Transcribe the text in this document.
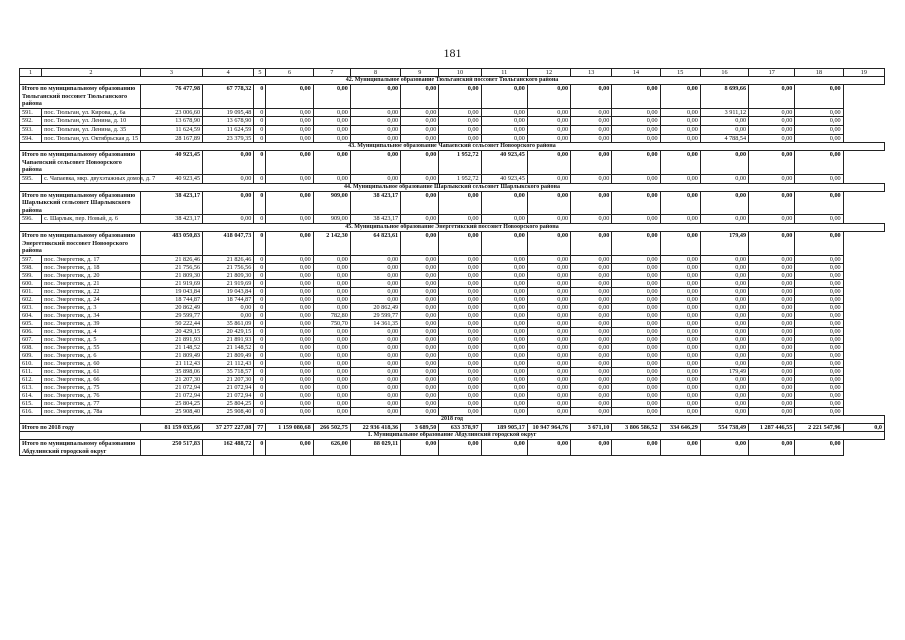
181
1	2	3	4	5	6	7	8	9	10	11	12	13	14	15	16	17	18	19
42. Муниципальное образование Тюльганский поссовет Тюльганского района																		
Итого по муниципальному образованию Тюльганский поссовет Тюльганского района		76 477,98	67 778,32	0	0,00	0,00	0,00	0,00	0,00	0,00	0,00	0,00	0,00	0,00	8 699,66	0,00	0,00	
591.	пос. Тюльган, ул. Кирова, д. 6а	23 006,60	19 095,48	0	0,00	0,00	0,00	0,00	0,00	0,00	0,00	0,00	0,00	0,00	3 911,12	0,00	0,00	
592.	пос. Тюльган, ул. Ленина, д. 10	13 678,90	13 678,90	0	0,00	0,00	0,00	0,00	0,00	0,00	0,00	0,00	0,00	0,00	0,00	0,00	0,00	
593.	пос. Тюльган, ул. Ленина, д. 35	11 624,59	11 624,59	0	0,00	0,00	0,00	0,00	0,00	0,00	0,00	0,00	0,00	0,00	0,00	0,00	0,00	
594.	пос. Тюльган, ул. Октябрьская д. 15	28 167,89	23 379,35	0	0,00	0,00	0,00	0,00	0,00	0,00	0,00	0,00	0,00	0,00	4 788,54	0,00	0,00	
43. Муниципальное образование Чапаевский сельсовет Новоорского района																		
Итого по муниципальному образованию Чапаевский сельсовет Новоорского района		40 923,45	0,00	0	0,00	0,00	0,00	0,00	1 952,72	40 923,45	0,00	0,00	0,00	0,00	0,00	0,00	0,00	
595.	с. Чапаевка, мкр. двухэтажных домов, д. 7	40 923,45	0,00	0	0,00	0,00	0,00	0,00	1 952,72	40 923,45	0,00	0,00	0,00	0,00	0,00	0,00	0,00	
44. Муниципальное образование Шарлыкский сельсовет Шарлыкского района																		
Итого по муниципальному образованию Шарлыкский сельсовет Шарлыкского района		38 423,17	0,00	0	0,00	909,00	38 423,17	0,00	0,00	0,00	0,00	0,00	0,00	0,00	0,00	0,00	0,00	
596.	с. Шарлык, пер. Новый, д. 6	38 423,17	0,00	0	0,00	909,00	38 423,17	0,00	0,00	0,00	0,00	0,00	0,00	0,00	0,00	0,00	0,00	
45. Муниципальное образование Энергетикский поссовет Новоорского района																		
Итого по муниципальному образованию Энергетикский поссовет Новоорского района		483 050,83	418 047,73	0	0,00	2 142,30	64 823,61	0,00	0,00	0,00	0,00	0,00	0,00	0,00	179,49	0,00	0,00	
597.	пос. Энергетик, д. 17	21 826,46	21 826,46	0	0,00	0,00	0,00	0,00	0,00	0,00	0,00	0,00	0,00	0,00	0,00	0,00	0,00	
598.	пос. Энергетик, д. 18	21 756,56	21 756,56	0	0,00	0,00	0,00	0,00	0,00	0,00	0,00	0,00	0,00	0,00	0,00	0,00	0,00	
599.	пос. Энергетик, д. 20	21 809,30	21 809,30	0	0,00	0,00	0,00	0,00	0,00	0,00	0,00	0,00	0,00	0,00	0,00	0,00	0,00	
600.	пос. Энергетик, д. 21	21 919,69	21 919,69	0	0,00	0,00	0,00	0,00	0,00	0,00	0,00	0,00	0,00	0,00	0,00	0,00	0,00	
601.	пос. Энергетик, д. 22	19 043,84	19 043,84	0	0,00	0,00	0,00	0,00	0,00	0,00	0,00	0,00	0,00	0,00	0,00	0,00	0,00	
602.	пос. Энергетик, д. 24	18 744,87	18 744,87	0	0,00	0,00	0,00	0,00	0,00	0,00	0,00	0,00	0,00	0,00	0,00	0,00	0,00	
603.	пос. Энергетик, д. 3	20 862,49	0,00	0	0,00	0,00	20 862,49	0,00	0,00	0,00	0,00	0,00	0,00	0,00	0,00	0,00	0,00	
604.	пос. Энергетик, д. 34	29 599,77	0,00	0	0,00	782,80	29 599,77	0,00	0,00	0,00	0,00	0,00	0,00	0,00	0,00	0,00	0,00	
605.	пос. Энергетик, д. 39	50 222,44	35 861,09	0	0,00	750,70	14 361,35	0,00	0,00	0,00	0,00	0,00	0,00	0,00	0,00	0,00	0,00	
606.	пос. Энергетик, д. 4	20 429,15	20 429,15	0	0,00	0,00	0,00	0,00	0,00	0,00	0,00	0,00	0,00	0,00	0,00	0,00	0,00	
607.	пос. Энергетик, д. 5	21 891,93	21 891,93	0	0,00	0,00	0,00	0,00	0,00	0,00	0,00	0,00	0,00	0,00	0,00	0,00	0,00	
608.	пос. Энергетик, д. 55	21 148,52	21 148,52	0	0,00	0,00	0,00	0,00	0,00	0,00	0,00	0,00	0,00	0,00	0,00	0,00	0,00	
609.	пос. Энергетик, д. 6	21 809,49	21 809,49	0	0,00	0,00	0,00	0,00	0,00	0,00	0,00	0,00	0,00	0,00	0,00	0,00	0,00	
610.	пос. Энергетик, д. 60	21 112,43	21 112,43	0	0,00	0,00	0,00	0,00	0,00	0,00	0,00	0,00	0,00	0,00	0,00	0,00	0,00	
611.	пос. Энергетик, д. 61	35 898,06	35 718,57	0	0,00	0,00	0,00	0,00	0,00	0,00	0,00	0,00	0,00	0,00	179,49	0,00	0,00	
612.	пос. Энергетик, д. 66	21 207,30	21 207,30	0	0,00	0,00	0,00	0,00	0,00	0,00	0,00	0,00	0,00	0,00	0,00	0,00	0,00	
613.	пос. Энергетик, д. 75	21 072,94	21 072,94	0	0,00	0,00	0,00	0,00	0,00	0,00	0,00	0,00	0,00	0,00	0,00	0,00	0,00	
614.	пос. Энергетик, д. 76	21 072,94	21 072,94	0	0,00	0,00	0,00	0,00	0,00	0,00	0,00	0,00	0,00	0,00	0,00	0,00	0,00	
615.	пос. Энергетик, д. 77	25 804,25	25 804,25	0	0,00	0,00	0,00	0,00	0,00	0,00	0,00	0,00	0,00	0,00	0,00	0,00	0,00	
616.	пос. Энергетик, д. 78а	25 908,40	25 908,40	0	0,00	0,00	0,00	0,00	0,00	0,00	0,00	0,00	0,00	0,00	0,00	0,00	0,00	
2018 год																		
Итого по 2018 году		81 159 035,66	37 277 227,08	77	1 159 080,68	266 502,75	22 936 418,36	3 689,50	633 378,97	189 905,17	10 947 964,76	3 671,10	3 806 586,52	334 646,29	554 738,49	1 287 446,55	2 221 547,96	0,0
1. Муниципальное образование Абдулинский городской округ																		
Итого по муниципальному образованию Абдулинский городской округ		250 517,83	162 488,72	0	0,00	626,00	88 029,11	0,00	0,00	0,00	0,00	0,00	0,00	0,00	0,00	0,00	0,00	
